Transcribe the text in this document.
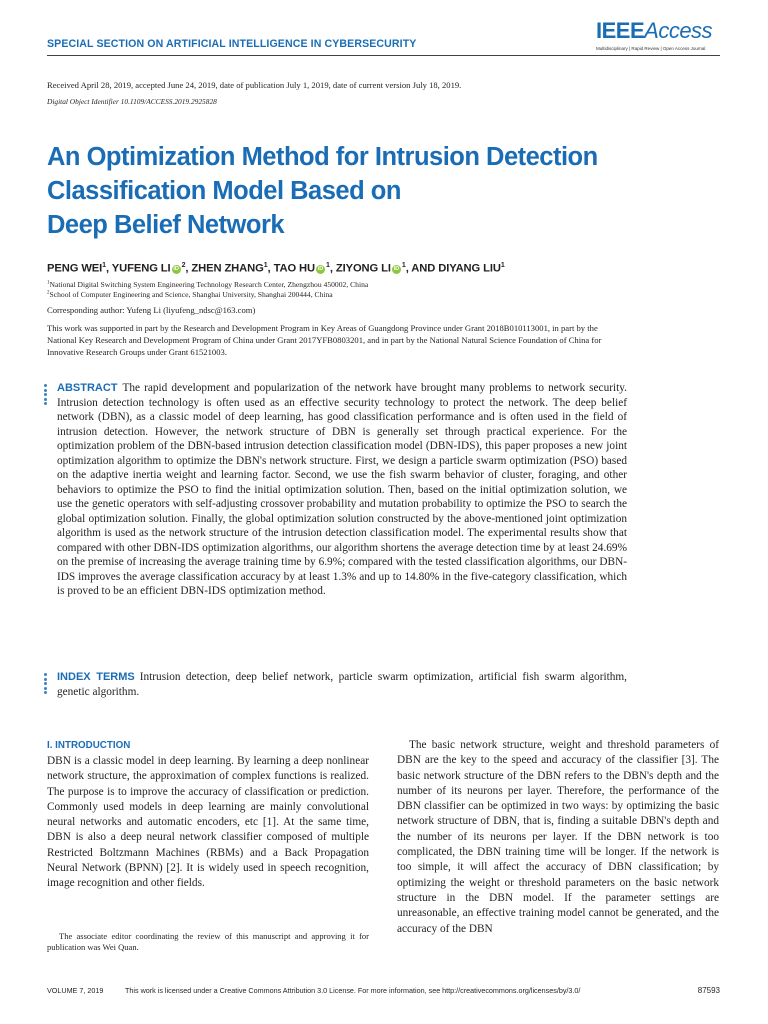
SPECIAL SECTION ON ARTIFICIAL INTELLIGENCE IN CYBERSECURITY
IEEEAccess
Multidisciplinary | Rapid Review | Open Access Journal
Received April 28, 2019, accepted June 24, 2019, date of publication July 1, 2019, date of current version July 18, 2019.
Digital Object Identifier 10.1109/ACCESS.2019.2925828
An Optimization Method for Intrusion Detection
Classification Model Based on
Deep Belief Network
PENG WEI$^1$, YUFENG LI iD $^2$, ZHEN ZHANG$^1$, TAO HU iD $^1$, ZIYONG LI iD $^1$, AND DIYANG LIU$^1$
$^1$National Digital Switching System Engineering Technology Research Center, Zhengzhou 450002, China
$^2$School of Computer Engineering and Science, Shanghai University, Shanghai 200444, China
Corresponding author: Yufeng Li (liyufeng_ndsc@163.com)
This work was supported in part by the Research and Development Program in Key Areas of Guangdong Province under Grant 2018B010113001, in part by the National Key Research and Development Program of China under Grant 2017YFB0803201, and in part by the National Natural Science Foundation of China for Innovative Research Groups under Grant 61521003.
ABSTRACT The rapid development and popularization of the network have brought many problems to network security. Intrusion detection technology is often used as an effective security technology to protect the network. The deep belief network (DBN), as a classic model of deep learning, has good classification performance and is often used in the field of intrusion detection. However, the network structure of DBN is generally set through practical experience. For the optimization problem of the DBN-based intrusion detection classification model (DBN-IDS), this paper proposes a new joint optimization algorithm to optimize the DBN's network structure. First, we design a particle swarm optimization (PSO) based on the adaptive inertia weight and learning factor. Second, we use the fish swarm behavior of cluster, foraging, and other behaviors to optimize the PSO to find the initial optimization solution. Then, based on the initial optimization solution, we use the genetic operators with self-adjusting crossover probability and mutation probability to optimize the PSO to search the global optimization solution. Finally, the global optimization solution constructed by the above-mentioned joint optimization algorithm is used as the network structure of the intrusion detection classification model. The experimental results show that compared with other DBN-IDS optimization algorithms, our algorithm shortens the average detection time by at least 24.69% on the premise of increasing the average training time by 6.9%; compared with the tested classification algorithms, our DBN-IDS improves the average classification accuracy by at least 1.3% and up to 14.80% in the five-category classification, which is proved to be an efficient DBN-IDS optimization method.
INDEX TERMS Intrusion detection, deep belief network, particle swarm optimization, artificial fish swarm algorithm, genetic algorithm.
I. INTRODUCTION

DBN is a classic model in deep learning. By learning a deep nonlinear network structure, the approximation of complex functions is realized. The purpose is to improve the accuracy of classification or prediction. Commonly used models in deep learning are mainly convolutional neural networks and automatic encoders, etc [1]. At the same time, DBN is also a deep neural network classifier composed of multiple Restricted Boltzmann Machines (RBMs) and a Back Propagation Neural Network (BPNN) [2]. It is widely used in speech recognition, image recognition and other fields.

The basic network structure, weight and threshold parameters of DBN are the key to the speed and accuracy of the classifier [3]. The basic network structure of the DBN refers to the DBN's depth and the number of its neurons per layer. Therefore, the performance of the DBN classifier can be optimized in two ways: by optimizing the basic network structure of DBN, that is, finding a suitable DBN's depth and the number of its neurons per layer. If the DBN network is too complicated, the DBN training time will be longer. If the network is too simple, it will affect the accuracy of DBN classification; by optimizing the weight or threshold parameters on the basic network structure in the DBN model. If the parameter settings are unreasonable, an effective training model cannot be generated, and the accuracy of the DBN

The associate editor coordinating the review of this manuscript and approving it for publication was Wei Quan.

VOLUME 7, 2019	This work is licensed under a Creative Commons Attribution 3.0 License. For more information, see http://creativecommons.org/licenses/by/3.0/	87593
